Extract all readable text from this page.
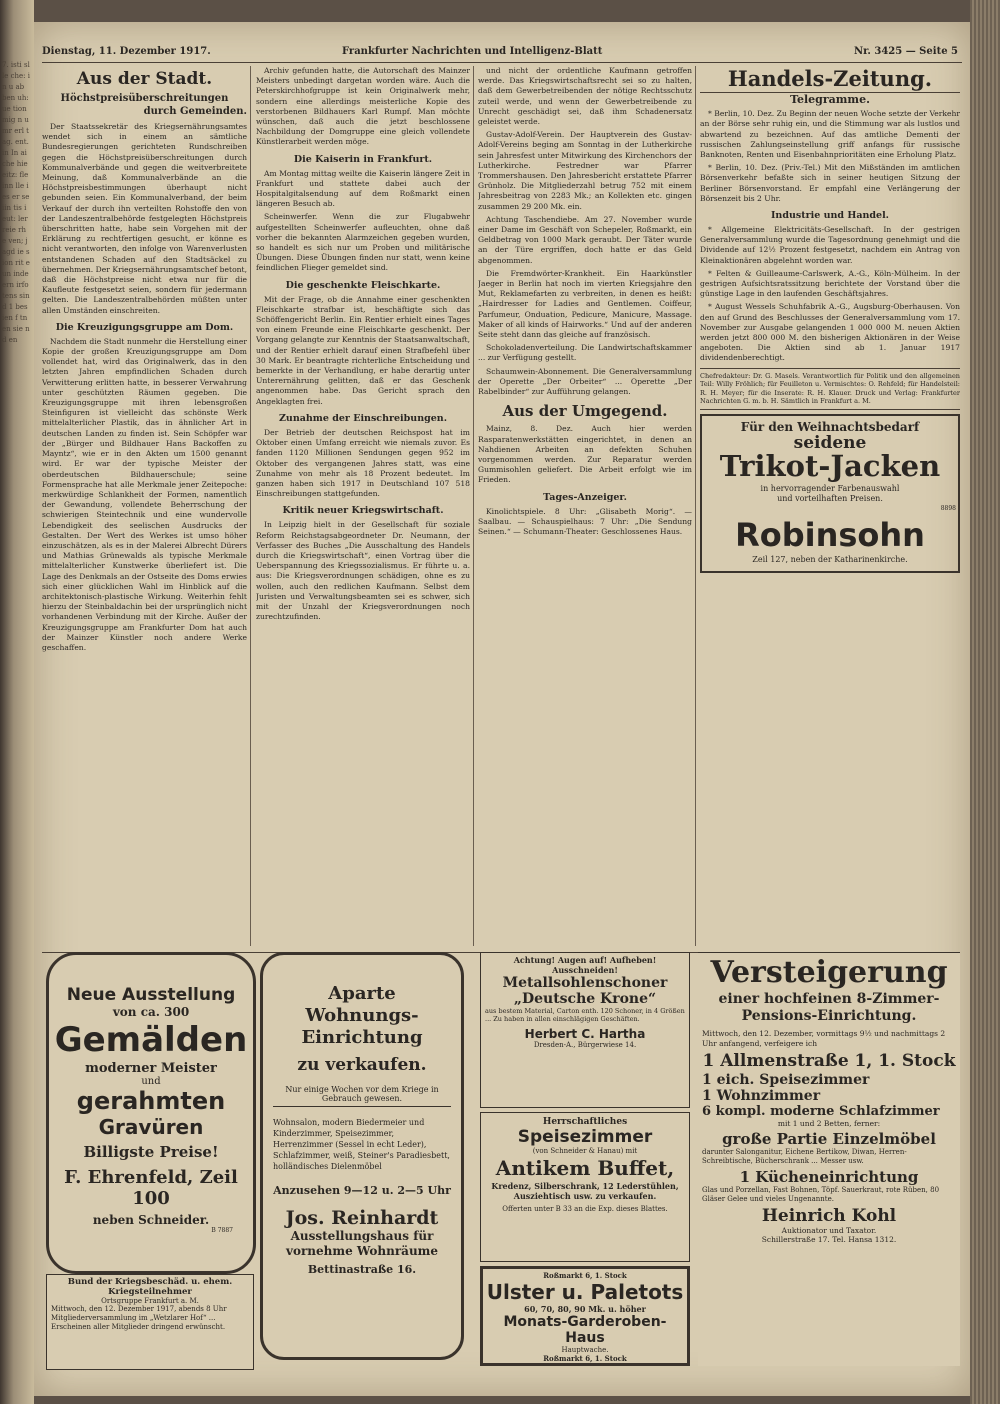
7. isti slle che: in u ab ben uh: ue tion mig n u mr erl tag. ent. in In aiche hie eitz: fle inn lle ies er se iin tis ieut: ler reie rh e ven; jagd ie sion rit eun inde ern irfo tens sind 1 bes ien f tnen sie nd en
Dienstag, 11. Dezember 1917.	Frankfurter Nachrichten und Intelligenz-Blatt	Nr. 3425 — Seite 5
Aus der Stadt.
Höchstpreisüberschreitungen
durch Gemeinden.

Der Staatssekretär des Kriegsernährungsamtes wendet sich in einem an sämtliche Bundesregierungen gerichteten Rundschreiben gegen die Höchstpreisüberschreitungen durch Kommunalverbände und gegen die weitverbreitete Meinung, daß Kommunalverbände an die Höchstpreisbestimmungen überhaupt nicht gebunden seien. Ein Kommunalverband, der beim Verkauf der durch ihn verteilten Rohstoffe den von der Landeszentralbehörde festgelegten Höchstpreis überschritten hatte, habe sein Vorgehen mit der Erklärung zu rechtfertigen gesucht, er könne es nicht verantworten, den infolge von Warenverlusten entstandenen Schaden auf den Stadtsäckel zu übernehmen. Der Kriegsernährungsamtschef betont, daß die Höchstpreise nicht etwa nur für die Kaufleute festgesetzt seien, sondern für jedermann gelten. Die Landeszentralbehörden müßten unter allen Umständen einschreiten.

Die Kreuzigungsgruppe am Dom.

Nachdem die Stadt nunmehr die Herstellung einer Kopie der großen Kreuzigungsgruppe am Dom vollendet hat, wird das Originalwerk, das in den letzten Jahren empfindlichen Schaden durch Verwitterung erlitten hatte, in besserer Verwahrung unter geschützten Räumen gegeben. Die Kreuzigungsgruppe mit ihren lebensgroßen Steinfiguren ist vielleicht das schönste Werk mittelalterlicher Plastik, das in ähnlicher Art in deutschen Landen zu finden ist. Sein Schöpfer war der „Bürger und Bildhauer Hans Backoffen zu Mayntz“, wie er in den Akten um 1500 genannt wird. Er war der typische Meister der oberdeutschen Bildhauerschule; seine Formensprache hat alle Merkmale jener Zeitepoche: merkwürdige Schlankheit der Formen, namentlich der Gewandung, vollendete Beherrschung der schwierigen Steintechnik und eine wundervolle Lebendigkeit des seelischen Ausdrucks der Gestalten. Der Wert des Werkes ist umso höher einzuschätzen, als es in der Malerei Albrecht Dürers und Mathias Grünewalds als typische Merkmale mittelalterlicher Kunstwerke überliefert ist. Die Lage des Denkmals an der Ostseite des Doms erwies sich einer glücklichen Wahl im Hinblick auf die architektonisch-plastische Wirkung. Weiterhin fehlt hierzu der Steinbaldachin bei der ursprünglich nicht vorhandenen Verbindung mit der Kirche. Außer der Kreuzigungsgruppe am Frankfurter Dom hat auch der Mainzer Künstler noch andere Werke geschaffen.

Archiv gefunden hatte, die Autorschaft des Mainzer Meisters unbedingt dargetan worden wäre. Auch die Peterskirchhofgruppe ist kein Originalwerk mehr, sondern eine allerdings meisterliche Kopie des verstorbenen Bildhauers Karl Rumpf. Man möchte wünschen, daß auch die jetzt beschlossene Nachbildung der Domgruppe eine gleich vollendete Künstlerarbeit werden möge.

Die Kaiserin in Frankfurt.

Am Montag mittag weilte die Kaiserin längere Zeit in Frankfurt und stattete dabei auch der Hospitalgitalsendung auf dem Roßmarkt einen längeren Besuch ab.

Scheinwerfer. Wenn die zur Flugabwehr aufgestellten Scheinwerfer aufleuchten, ohne daß vorher die bekannten Alarmzeichen gegeben wurden, so handelt es sich nur um Proben und militärische Übungen. Diese Übungen finden nur statt, wenn keine feindlichen Flieger gemeldet sind.

Die geschenkte Fleischkarte.

Mit der Frage, ob die Annahme einer geschenkten Fleischkarte strafbar ist, beschäftigte sich das Schöffengericht Berlin. Ein Rentier erhielt eines Tages von einem Freunde eine Fleischkarte geschenkt. Der Vorgang gelangte zur Kenntnis der Staatsanwaltschaft, und der Rentier erhielt darauf einen Strafbefehl über 30 Mark. Er beantragte richterliche Entscheidung und bemerkte in der Verhandlung, er habe derartig unter Unterernährung gelitten, daß er das Geschenk angenommen habe. Das Gericht sprach den Angeklagten frei.

Zunahme der Einschreibungen.

Der Betrieb der deutschen Reichspost hat im Oktober einen Umfang erreicht wie niemals zuvor. Es fanden 1120 Millionen Sendungen gegen 952 im Oktober des vergangenen Jahres statt, was eine Zunahme von mehr als 18 Prozent bedeutet. Im ganzen haben sich 1917 in Deutschland 107 518 Einschreibungen stattgefunden.

Kritik neuer Kriegswirtschaft.

In Leipzig hielt in der Gesellschaft für soziale Reform Reichstagsabgeordneter Dr. Neumann, der Verfasser des Buches „Die Ausschaltung des Handels durch die Kriegswirtschaft“, einen Vortrag über die Ueberspannung des Kriegssozialismus. Er führte u. a. aus: Die Kriegsverordnungen schädigen, ohne es zu wollen, auch den redlichen Kaufmann. Selbst dem Juristen und Verwaltungsbeamten sei es schwer, sich mit der Unzahl der Kriegsverordnungen noch zurechtzufinden.

und nicht der ordentliche Kaufmann getroffen werde. Das Kriegswirtschaftsrecht sei so zu halten, daß dem Gewerbetreibenden der nötige Rechtsschutz zuteil werde, und wenn der Gewerbetreibende zu Unrecht geschädigt sei, daß ihm Schadenersatz geleistet werde.

Gustav-Adolf-Verein. Der Hauptverein des Gustav-Adolf-Vereins beging am Sonntag in der Lutherkirche sein Jahresfest unter Mitwirkung des Kirchenchors der Lutherkirche. Festredner war Pfarrer Trommershausen. Den Jahresbericht erstattete Pfarrer Grünholz. Die Mitgliederzahl betrug 752 mit einem Jahresbeitrag von 2283 Mk.; an Kollekten etc. gingen zusammen 29 200 Mk. ein.

Achtung Taschendiebe. Am 27. November wurde einer Dame im Geschäft von Schepeler, Roßmarkt, ein Geldbetrag von 1000 Mark geraubt. Der Täter wurde an der Türe ergriffen, doch hatte er das Geld abgenommen.

Die Fremdwörter-Krankheit. Ein Haarkünstler Jaeger in Berlin hat noch im vierten Kriegsjahre den Mut, Reklamefarten zu verbreiten, in denen es heißt: „Hairdresser for Ladies and Gentlemen. Coiffeur, Parfumeur, Onduation, Pedicure, Manicure, Massage. Maker of all kinds of Hairworks.“ Und auf der anderen Seite steht dann das gleiche auf französisch.

Schokoladenverteilung. Die Landwirtschaftskammer ... zur Verfügung gestellt.

Schaumwein-Abonnement. Die Generalversammlung der Operette „Der Orbeiter“ ... Operette „Der Rabelbinder“ zur Aufführung gelangen.

Aus der Umgegend.

Mainz, 8. Dez. Auch hier werden Rasparatenwerkstätten eingerichtet, in denen an Nahdienen Arbeiten an defekten Schuhen vorgenommen werden. Zur Reparatur werden Gummisohlen geliefert. Die Arbeit erfolgt wie im Frieden.

Tages-Anzeiger.

Kinolichtspiele. 8 Uhr: „Glisabeth Morig“. — Saalbau. — Schauspielhaus: 7 Uhr: „Die Sendung Seinen.“ — Schumann-Theater: Geschlossenes Haus.

Handels-Zeitung.
Telegramme.

* Berlin, 10. Dez. Zu Beginn der neuen Woche setzte der Verkehr an der Börse sehr ruhig ein, und die Stimmung war als lustlos und abwartend zu bezeichnen. Auf das amtliche Dementi der russischen Zahlungseinstellung griff anfangs für russische Banknoten, Renten und Eisenbahnprioritäten eine Erholung Platz.

* Berlin, 10. Dez. (Priv.-Tel.) Mit den Mißständen im amtlichen Börsenverkehr befaßte sich in seiner heutigen Sitzung der Berliner Börsenvorstand. Er empfahl eine Verlängerung der Börsenzeit bis 2 Uhr.

Industrie und Handel.

* Allgemeine Elektricitäts-Gesellschaft. In der gestrigen Generalversammlung wurde die Tagesordnung genehmigt und die Dividende auf 12½ Prozent festgesetzt, nachdem ein Antrag von Kleinaktionären abgelehnt worden war.

* Felten & Guilleaume-Carlswerk, A.-G., Köln-Mülheim. In der gestrigen Aufsichtsratssitzung berichtete der Vorstand über die günstige Lage in den laufenden Geschäftsjahres.

* August Wessels Schuhfabrik A.-G., Augsburg-Oberhausen. Von den auf Grund des Beschlusses der Generalversammlung vom 17. November zur Ausgabe gelangenden 1 000 000 M. neuen Aktien werden jetzt 800 000 M. den bisherigen Aktionären in der Weise angeboten. Die Aktien sind ab 1. Januar 1917 dividendenberechtigt.

Chefredakteur: Dr. G. Masels. Verantwortlich für Politik und den allgemeinen Teil: Willy Fröhlich; für Feuilleton u. Vermischtes: O. Rehfeld; für Handelsteil: R. H. Meyer; für die Inserate: R. H. Klauer. Druck und Verlag: Frankfurter Nachrichten G. m. b. H. Sämtlich in Frankfurt a. M.
Für den Weihnachtsbedarf
seidene
Trikot-Jacken
in hervorragender Farbenauswahl
und vorteilhaften Preisen.
8898
Robinsohn
Zeil 127, neben der Katharinenkirche.
Neue Ausstellung
von ca. 300
Gemälden
moderner Meister
und
gerahmten
Gravüren
Billigste Preise!
F. Ehrenfeld, Zeil 100
neben Schneider.
B 7887
Bund der Kriegsbeschäd. u. ehem. Kriegsteilnehmer
Ortsgruppe Frankfurt a. M.
Mittwoch, den 12. Dezember 1917, abends 8 Uhr Mitgliederversammlung im „Wetzlarer Hof“ ... Erscheinen aller Mitglieder dringend erwünscht.
Aparte Wohnungs-Einrichtung
zu verkaufen.
Nur einige Wochen vor dem Kriege in Gebrauch gewesen.
Wohnsalon, modern Biedermeier und Kinderzimmer, Speisezimmer, Herrenzimmer (Sessel in echt Leder), Schlafzimmer, weiß, Steiner's Paradiesbett, holländisches Dielenmöbel
Anzusehen 9—12 u. 2—5 Uhr
Jos. Reinhardt
Ausstellungshaus für vornehme Wohnräume
Bettinastraße 16.
Achtung! Augen auf! Aufheben! Ausschneiden!
Metallsohlenschoner
„Deutsche Krone“
aus bestem Material, Carton enth. 120 Schoner, in 4 Größen ... Zu haben in allen einschlägigen Geschäften.
Herbert C. Hartha
Dresden-A., Bürgerwiese 14.
Herrschaftliches
Speisezimmer
(von Schneider & Hanau) mit
Antikem Buffet,
Kredenz, Silberschrank, 12 Lederstühlen, Ausziehtisch usw. zu verkaufen.
Offerten unter B 33 an die Exp. dieses Blattes.
Roßmarkt 6, 1. Stock
Ulster u. Paletots
60, 70, 80, 90 Mk. u. höher
Monats-Garderoben-Haus
Hauptwache.
Roßmarkt 6, 1. Stock
Versteigerung
einer hochfeinen 8-Zimmer-Pensions-Einrichtung.
Mittwoch, den 12. Dezember, vormittags 9½ und nachmittags 2 Uhr anfangend, verfeigere ich
1 Allmenstraße 1, 1. Stock
1 eich. Speisezimmer
1 Wohnzimmer
6 kompl. moderne Schlafzimmer
mit 1 und 2 Betten, ferner:
große Partie Einzelmöbel
darunter Salonganitur, Eichene Bertikow, Diwan, Herren-Schreibtische, Bücherschrank ... Messer usw.
1 Kücheneinrichtung
Glas und Porzellan, Fast Bohnen, Töpf. Sauerkraut, rote Rüben, 80 Gläser Gelee und vieles Ungenannte.
Heinrich Kohl
Auktionator und Taxator.
Schillerstraße 17. Tel. Hansa 1312.
